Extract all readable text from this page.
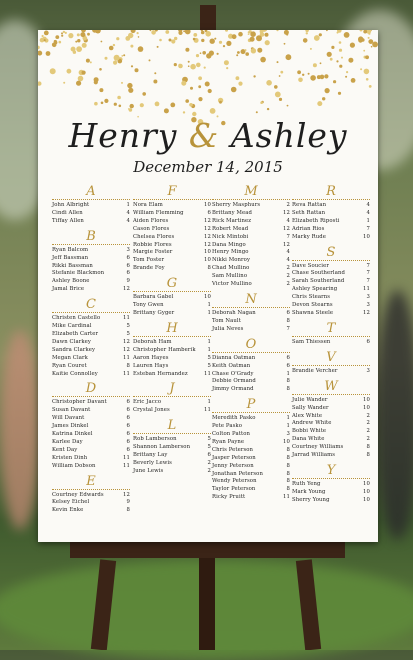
Henry & Ashley
December 14, 2015
A
John Albright	1
Cindi Allen	4
Tiffay Allen	4
B
Ryan Balcom	3
Jeff Bassman	6
Rikki Bassman	6
Stefanie Blackmon	6
Ashley Boone	9
Jamal Brice	12
C
Christen Castello	11
Mike Cardinal	5
Elizabeth Carter	5
Dawn Clarkey	12
Sandra Clarkey	12
Megan Clark	11
Ryan Couret	8
Kaitie Connolley	11
D
Christopher Davant	6
Susan Davant	6
Will Davant	6
James Dinkel	6
Katrina Dinkel	6
Karlee Day	6
Kent Day	6
Kristen Dinh	11
William Dobson	11
E
Courtney Edwards	12
Kelsey Eichel	9
Kevin Enke	8
F
Nora Elam	10
William Flemming	6
Aiden Flores	12
Cason Flores	12
Chelsea Flores	12
Robbie Flores	12
Margie Foster	10
Tom Foster	10
Brande Foy	8
G
Barbara Gabel	10
Tony Gwen	1
Brittany Gyger	1
H
Deborah Ham	1
Christopher Hamberik	1
Aaron Hayes	5
Lauren Hays	5
Esteban Hernandez	11
J
Eric Jacco	1
Crystal Jones	11
L
Rob Lamberson	5
Shannon Lamberson	5
Brittany Lay	6
Beverly Lewis	2
June Lewis	2
M
Sherry Masphurs	2
Brittany Mead	12
Rick Martinez	4
Robert Mead	12
Nick Mintobi	7
Dana Mingo	12
Henry Mingo	4
Nikki Monroy	4
Chad Mullino	2
Sam Mullino	2
Victor Mullino	2
N
Deborah Nagan	6
Tom Nault	8
Julia Neves	7
O
Dianna Oatman	6
Keith Oatman	6
Chase O'Grady	1
Debbie Ormand	8
Jimmy Ormand	8
P
Meredith Pasko	1
Pete Pasko	1
Colton Patton	3
Ryan Payne	10
Chris Peterson	8
Jasper Peterson	8
Jenny Peterson	8
Jonathan Peterson	8
Wendy Peterson	8
Taylor Peterson	8
Ricky Pruitt	11
R
Reva Rattan	4
Seth Rattan	4
Elizabeth Riposti	1
Adrian Rios	7
Marky Rude	10
S
Dave Soucier	7
Chase Southerland	7
Sarah Southerland	7
Ashley Spearing	11
Chris Stearns	3
Devon Stearns	3
Shawna Steele	12
T
Sam Thiessen	6
V
Brandie Vercher	3
W
Julie Wander	10
Sally Wander	10
Alex White	2
Andrew White	2
Bobbi White	2
Dana White	2
Courtney Williams	8
Jarrad Williams	8
Y
Ruth Yeng	10
Mark Young	10
Sherry Young	10
